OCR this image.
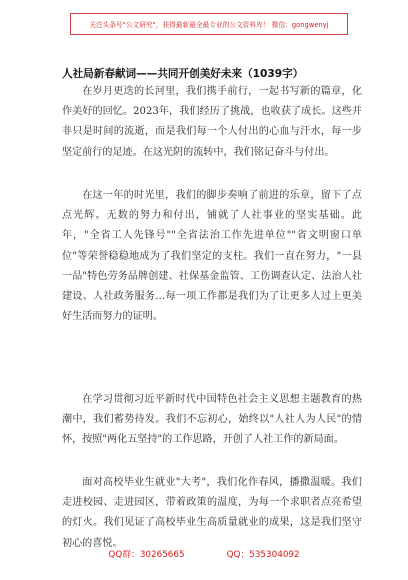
关注头条号"公文研究"，获得最新最全最专业的公文资料库！ 微信：gongwenyj
人社局新春献词——共同开创美好未来（1039字）

在岁月更迭的长河里，我们携手前行，一起书写新的篇章，化作美好的回忆。2023年，我们经历了挑战，也收获了成长。这些并非只是时间的流逝，而是我们每一个人付出的心血与汗水，每一步坚定前行的足迹。在这光阴的流转中，我们铭记奋斗与付出。

在这一年的时光里，我们的脚步奏响了前进的乐章，留下了点点光辉。无数的努力和付出，铺就了人社事业的坚实基础。此年，"全省工人先锋号""全省法治工作先进单位""省文明窗口单位"等荣誉稳稳地成为了我们坚定的支柱。我们一直在努力，"一县一品"特色劳务品牌创建、社保基金监管、工伤调查认定、法治人社建设、人社政务服务…每一项工作都是我们为了让更多人过上更美好生活而努力的证明。

在学习贯彻习近平新时代中国特色社会主义思想主题教育的热潮中，我们蓄势待发。我们不忘初心，始终以"人社人为人民"的情怀，按照"两化五坚持"的工作思路，开创了人社工作的新局面。

面对高校毕业生就业"大考"，我们化作春风，播撒温暖。我们走进校园、走进园区，带着政策的温度，为每一个求职者点亮希望的灯火。我们见证了高校毕业生高质量就业的成果，这是我们坚守初心的喜悦。

QQ群：30265665	QQ：535304092
